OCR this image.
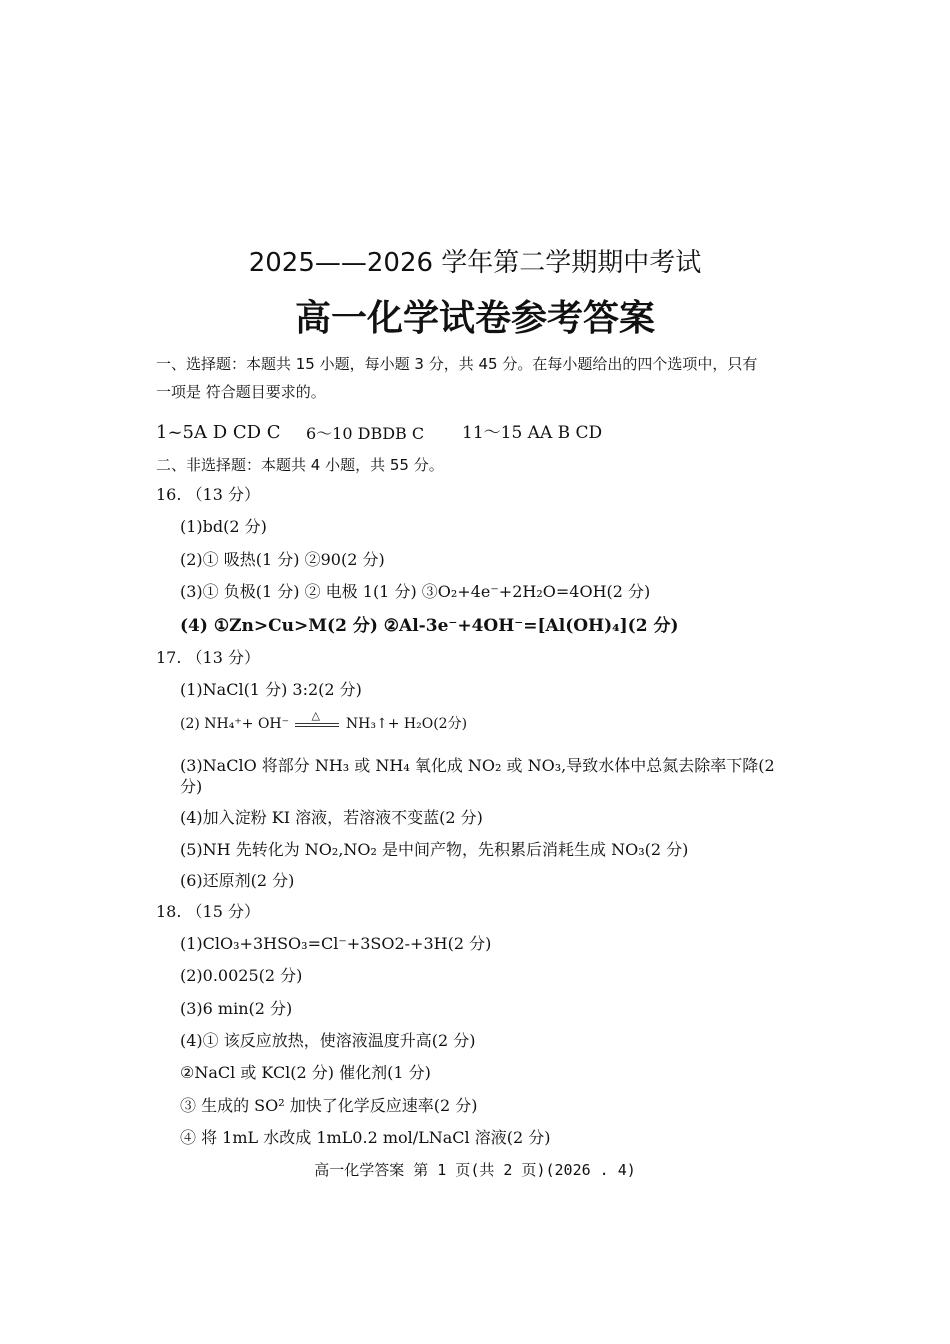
2025——2026 学年第二学期期中考试
高一化学试卷参考答案
一、选择题：本题共 15 小题，每小题 3 分，共 45 分。在每小题给出的四个选项中，只有
一项是 符合题目要求的。
1~5A D CD C 6～10 DBDB C 11～15 AA B CD
二、非选择题：本题共 4 小题，共 55 分。
16. （13 分）
(1)bd(2 分)
(2)① 吸热(1 分) ②90(2 分)
(3)① 负极(1 分) ② 电极 1(1 分) ③O₂+4e⁻+2H₂O=4OH(2 分)
(4) ①Zn>Cu>M(2 分) ②Al-3e⁻+4OH⁻=[Al(OH)₄](2 分)
17. （13 分）
(1)NaCl(1 分) 3:2(2 分)
(2) NH₄⁺+ OH⁻
△
NH₃↑+ H₂O(2分)
(3)NaClO 将部分 NH₃ 或 NH₄ 氧化成 NO₂ 或 NO₃,导致水体中总氮去除率下降(2
分)
(4)加入淀粉 KI 溶液，若溶液不变蓝(2 分)
(5)NH 先转化为 NO₂,NO₂ 是中间产物，先积累后消耗生成 NO₃(2 分)
(6)还原剂(2 分)
18. （15 分）
(1)ClO₃+3HSO₃=Cl⁻+3SO2-+3H(2 分)
(2)0.0025(2 分)
(3)6 min(2 分)
(4)① 该反应放热，使溶液温度升高(2 分)
②NaCl 或 KCl(2 分) 催化剂(1 分)
③ 生成的 SO² 加快了化学反应速率(2 分)
④ 将 1mL 水改成 1mL0.2 mol/LNaCl 溶液(2 分)
高一化学答案 第 1 页(共 2 页)(2026 . 4)
